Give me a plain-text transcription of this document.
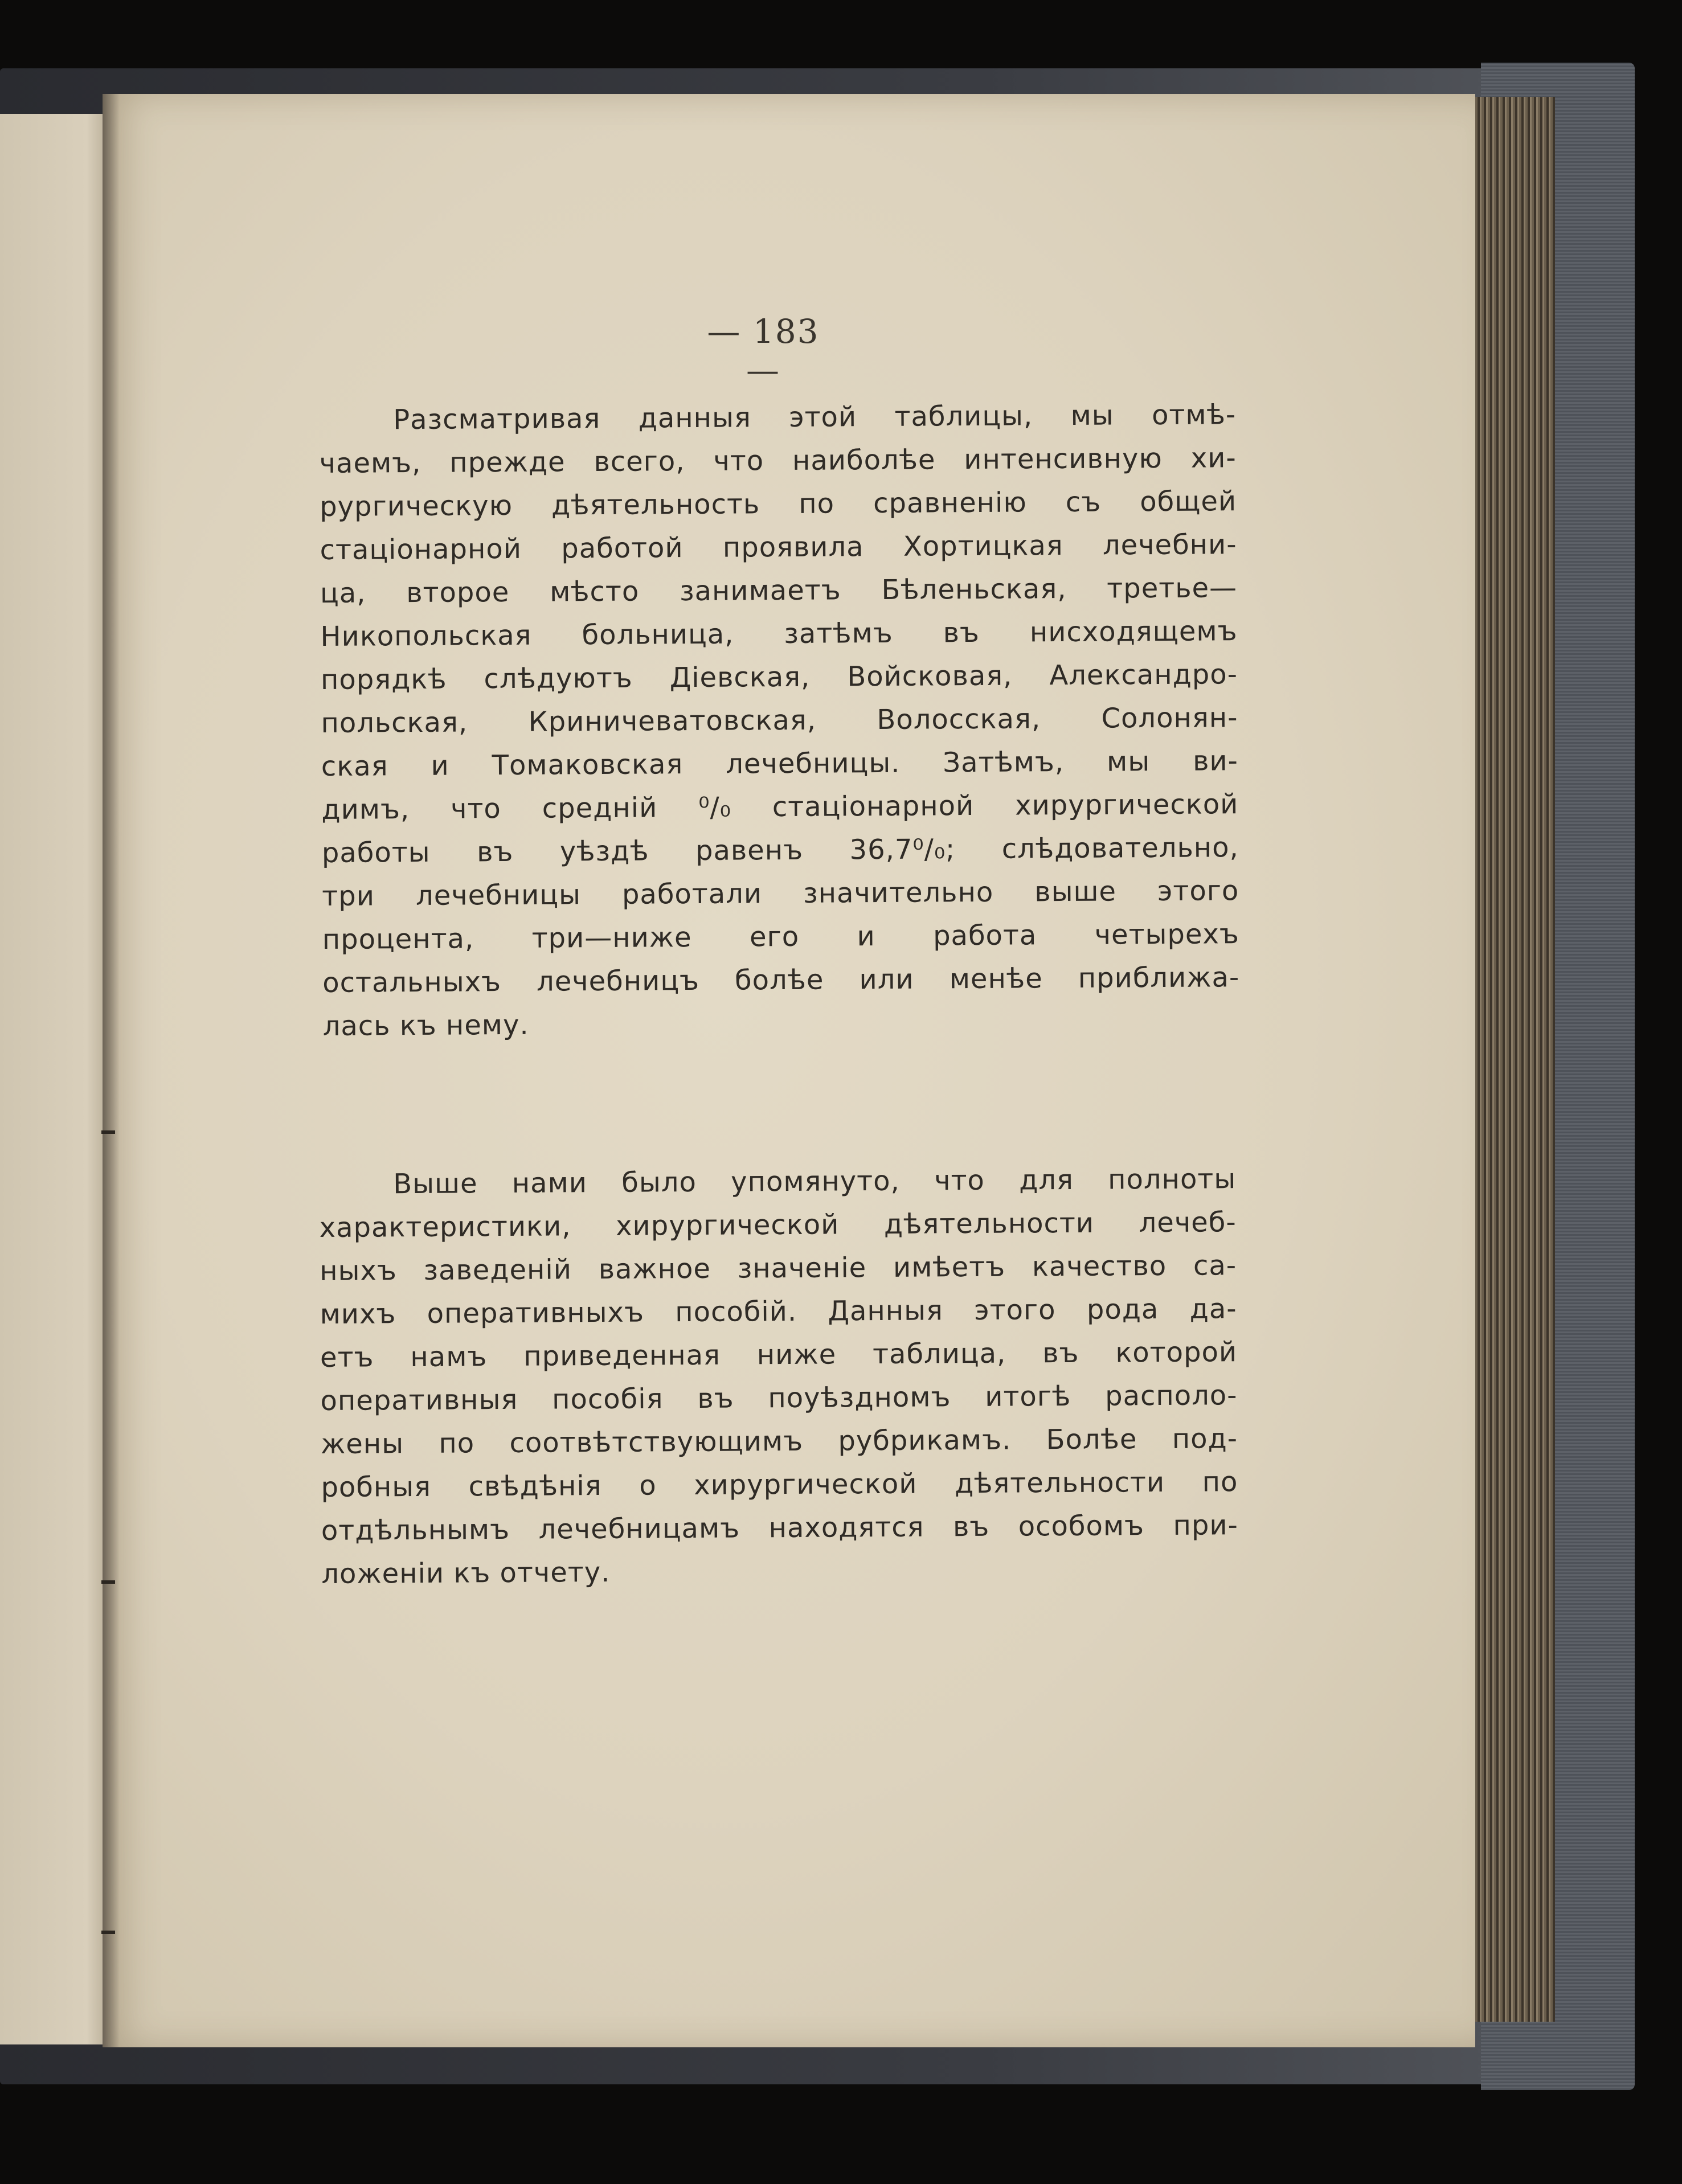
— 183 —
Разсматривая данныя этой таблицы, мы отмѣ-
чаемъ, прежде всего, что наиболѣе интенсивную хи-
рургическую дѣятельность по сравненію съ общей
стаціонарной работой проявила Хортицкая лечебни-
ца, второе мѣсто занимаетъ Бѣленьская, третье—
Никопольская больница, затѣмъ въ нисходящемъ
порядкѣ слѣдуютъ Діевская, Войсковая, Александро-
польская, Криничеватовская, Волосская, Солонян-
ская и Томаковская лечебницы. Затѣмъ, мы ви-
димъ, что средній ⁰/₀ стаціонарной хирургической
работы въ уѣздѣ равенъ 36,7⁰/₀; слѣдовательно,
три лечебницы работали значительно выше этого
процента, три—ниже его и работа четырехъ
остальныхъ лечебницъ болѣе или менѣе приближа-
лась къ нему.
Выше нами было упомянуто, что для полноты
характеристики, хирургической дѣятельности лечеб-
ныхъ заведеній важное значеніе имѣетъ качество са-
михъ оперативныхъ пособій. Данныя этого рода да-
етъ намъ приведенная ниже таблица, въ которой
оперативныя пособія въ поуѣздномъ итогѣ располо-
жены по соотвѣтствующимъ рубрикамъ. Болѣе под-
робныя свѣдѣнія о хирургической дѣятельности по
отдѣльнымъ лечебницамъ находятся въ особомъ при-
ложеніи къ отчету.
